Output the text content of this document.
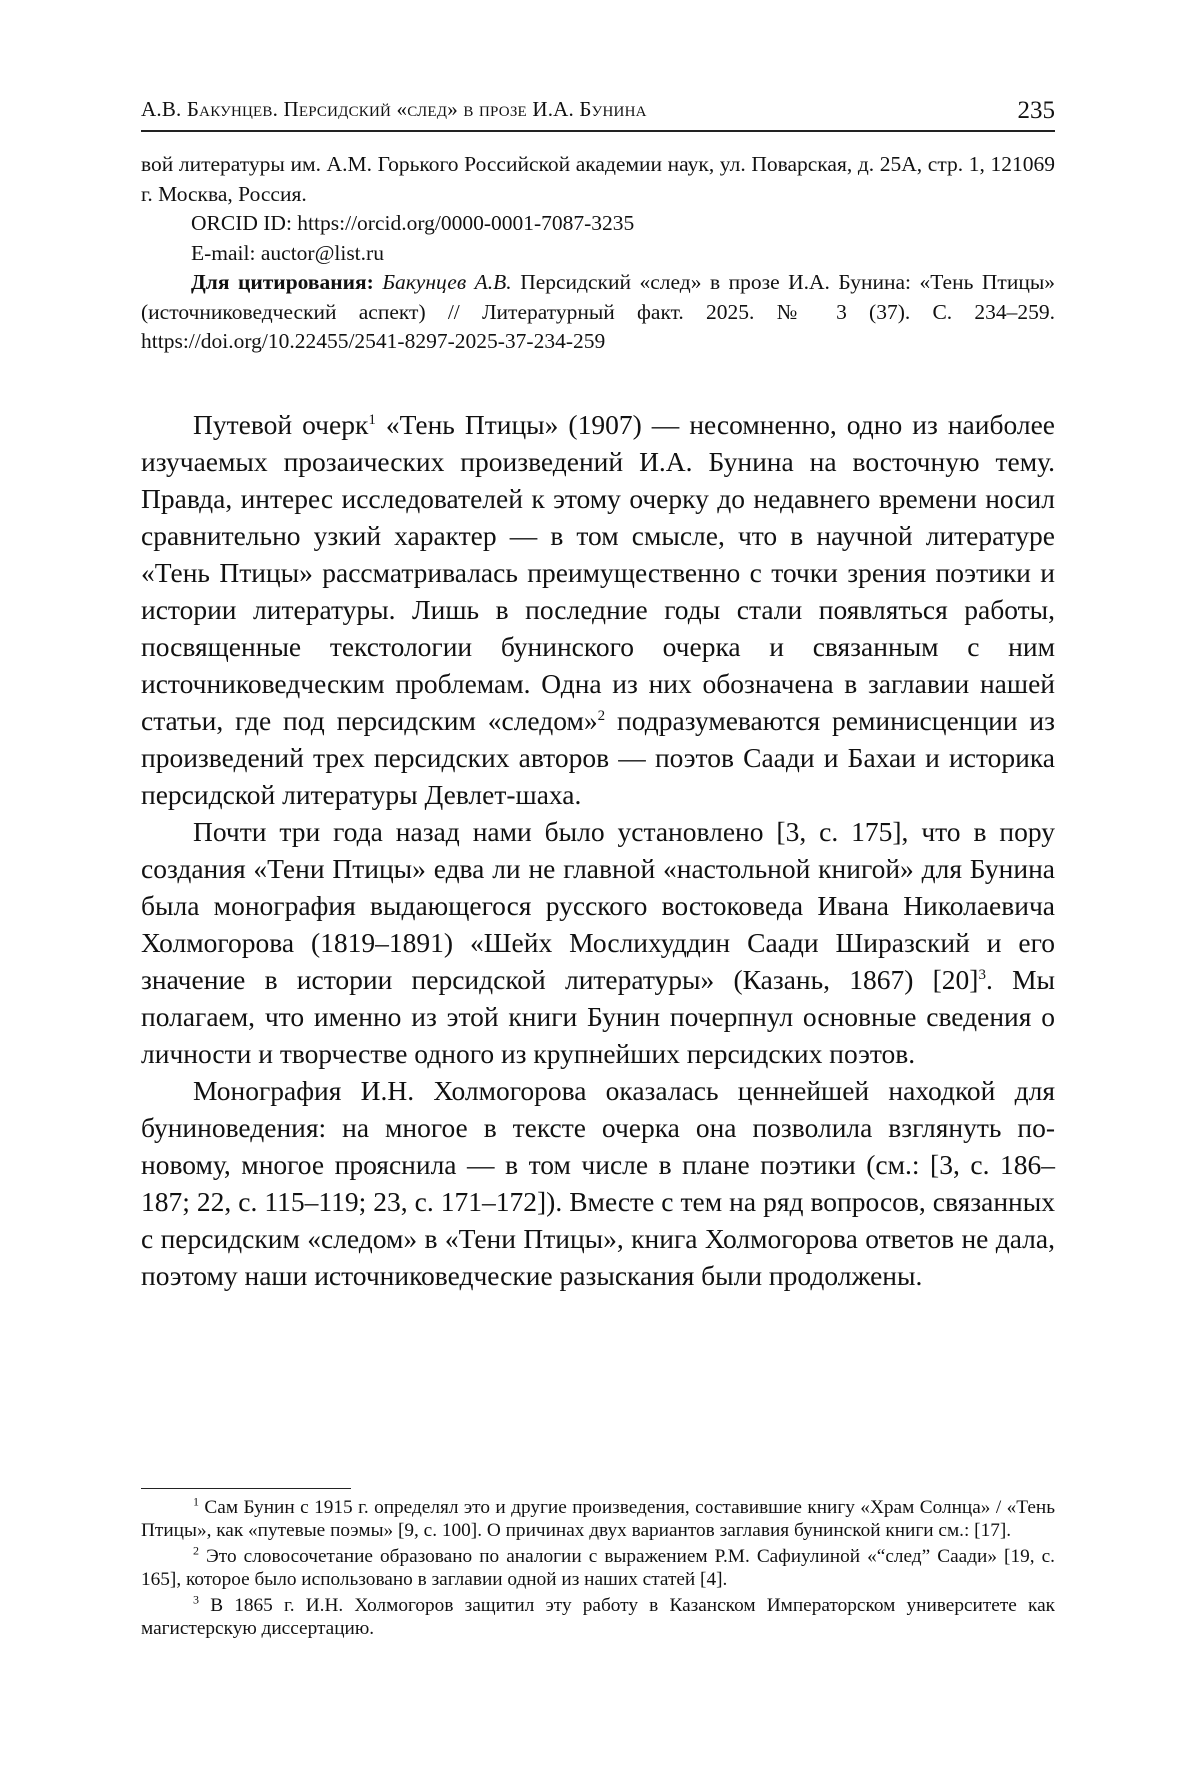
А.В. Бакунцев. Персидский «след» в прозе И.А. Бунина	235

вой литературы им. А.М. Горького Российской академии наук, ул. Поварская, д. 25А, стр. 1, 121069 г. Москва, Россия.

ORCID ID: https://orcid.org/0000-0001-7087-3235

E-mail: auctor@list.ru

Для цитирования: Бакунцев А.В. Персидский «след» в прозе И.А. Бунина: «Тень Птицы» (источниковедческий аспект) // Литературный факт. 2025. № 3 (37). С. 234–259. https://doi.org/10.22455/2541-8297-2025-37-234-259

Путевой очерк$^1$ «Тень Птицы» (1907) — несомненно, одно из наиболее изучаемых прозаических произведений И.А. Бунина на восточную тему. Правда, интерес исследователей к этому очерку до недавнего времени носил сравнительно узкий характер — в том смысле, что в научной литературе «Тень Птицы» рассматривалась преимущественно с точки зрения поэтики и истории литературы. Лишь в последние годы стали появляться работы, посвященные текстологии бунинского очерка и связанным с ним источниковедческим проблемам. Одна из них обозначена в заглавии нашей статьи, где под персидским «следом»$^2$ подразумеваются реминисценции из произведений трех персидских авторов — поэтов Саади и Бахаи и историка персидской литературы Девлет-шаха.

Почти три года назад нами было установлено [3, с. 175], что в пору создания «Тени Птицы» едва ли не главной «настольной книгой» для Бунина была монография выдающегося русского востоковеда Ивана Николаевича Холмогорова (1819–1891) «Шейх Мослихуддин Саади Ширазский и его значение в истории персидской литературы» (Казань, 1867) $[20]^3$. Мы полагаем, что именно из этой книги Бунин почерпнул основные сведения о личности и творчестве одного из крупнейших персидских поэтов.

Монография И.Н. Холмогорова оказалась ценнейшей находкой для буниноведения: на многое в тексте очерка она позволила взглянуть по-новому, многое прояснила — в том числе в плане поэтики (см.: [3, с. 186–187; 22, с. 115–119; 23, с. 171–172]). Вместе с тем на ряд вопросов, связанных с персидским «следом» в «Тени Птицы», книга Холмогорова ответов не дала, поэтому наши источниковедческие разыскания были продолжены.

$^1$ Сам Бунин с 1915 г. определял это и другие произведения, составившие книгу «Храм Солнца» / «Тень Птицы», как «путевые поэмы» [9, с. 100]. О причинах двух вариантов заглавия бунинской книги см.: [17].

$^2$ Это словосочетание образовано по аналогии с выражением Р.М. Сафиулиной «“след” Саади» [19, с. 165], которое было использовано в заглавии одной из наших статей [4].

$^3$ В 1865 г. И.Н. Холмогоров защитил эту работу в Казанском Императорском университете как магистерскую диссертацию.
